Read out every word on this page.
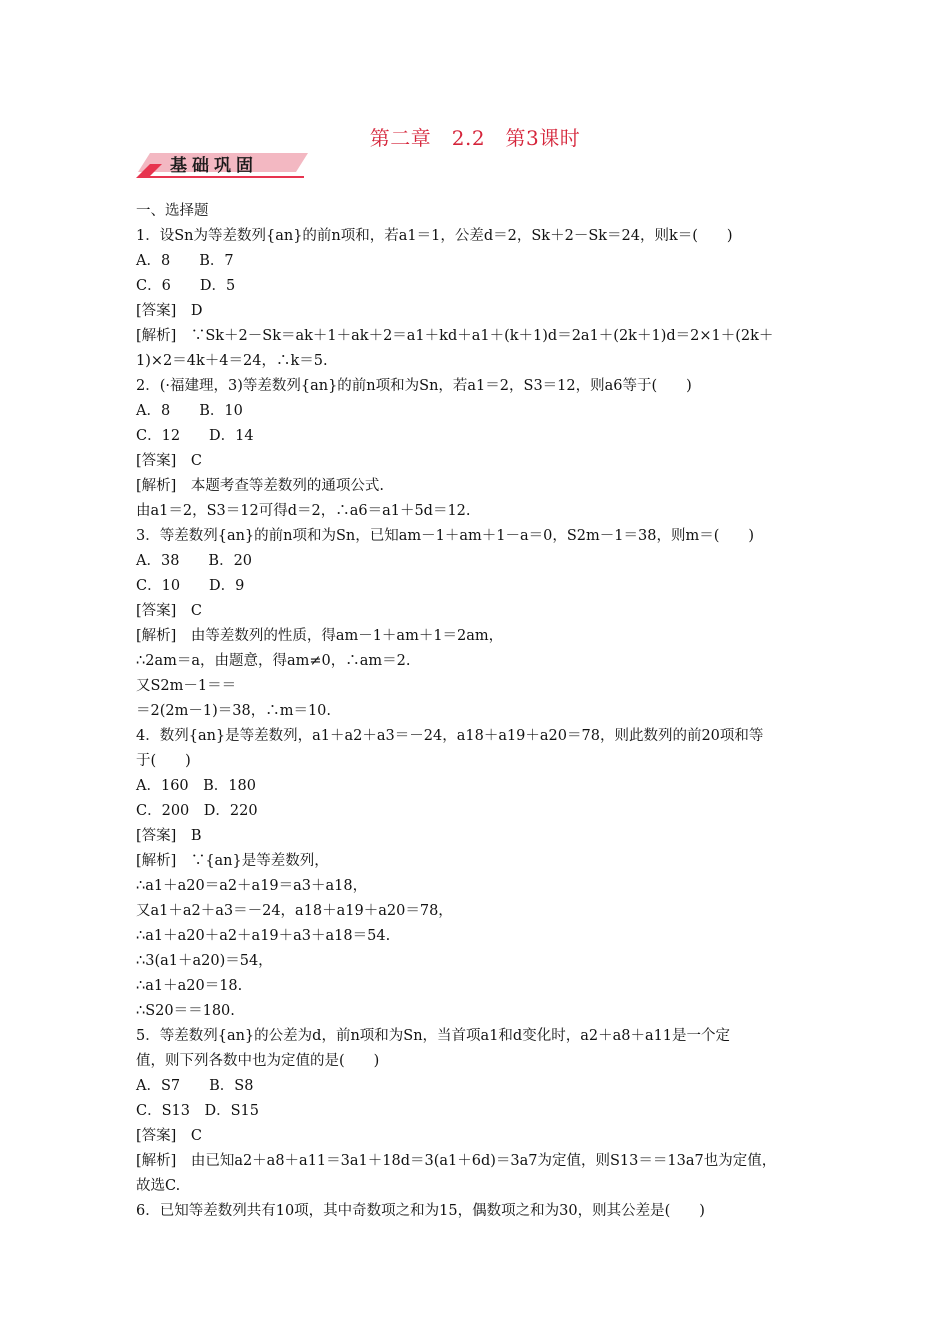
第二章　2.2　第3课时
基础巩固
一、选择题
1．设Sn为等差数列{an}的前n项和，若a1＝1，公差d＝2，Sk＋2－Sk＝24，则k＝(　　)
A．8　　B．7
C．6　　D．5
[答案]　D
[解析]　∵Sk＋2－Sk＝ak＋1＋ak＋2＝a1＋kd＋a1＋(k＋1)d＝2a1＋(2k＋1)d＝2×1＋(2k＋
1)×2＝4k＋4＝24，∴k＝5.
2．(·福建理，3)等差数列{an}的前n项和为Sn，若a1＝2，S3＝12，则a6等于(　　)
A．8　　B．10
C．12　　D．14
[答案]　C
[解析]　本题考查等差数列的通项公式.
由a1＝2，S3＝12可得d＝2，∴a6＝a1＋5d＝12.
3．等差数列{an}的前n项和为Sn，已知am－1＋am＋1－a＝0，S2m－1＝38，则m＝(　　)
A．38　　B．20
C．10　　D．9
[答案]　C
[解析]　由等差数列的性质，得am－1＋am＋1＝2am，
∴2am＝a，由题意，得am≠0，∴am＝2.
又S2m－1＝＝
＝2(2m－1)＝38，∴m＝10.
4．数列{an}是等差数列，a1＋a2＋a3＝－24，a18＋a19＋a20＝78，则此数列的前20项和等
于(　　)
A．160　B．180
C．200　D．220
[答案]　B
[解析]　∵{an}是等差数列，
∴a1＋a20＝a2＋a19＝a3＋a18，
又a1＋a2＋a3＝－24，a18＋a19＋a20＝78，
∴a1＋a20＋a2＋a19＋a3＋a18＝54.
∴3(a1＋a20)＝54，
∴a1＋a20＝18.
∴S20＝＝180.
5．等差数列{an}的公差为d，前n项和为Sn，当首项a1和d变化时，a2＋a8＋a11是一个定
值，则下列各数中也为定值的是(　　)
A．S7　　B．S8
C．S13　D．S15
[答案]　C
[解析]　由已知a2＋a8＋a11＝3a1＋18d＝3(a1＋6d)＝3a7为定值，则S13＝＝13a7也为定值，
故选C.
6．已知等差数列共有10项，其中奇数项之和为15，偶数项之和为30，则其公差是(　　)
